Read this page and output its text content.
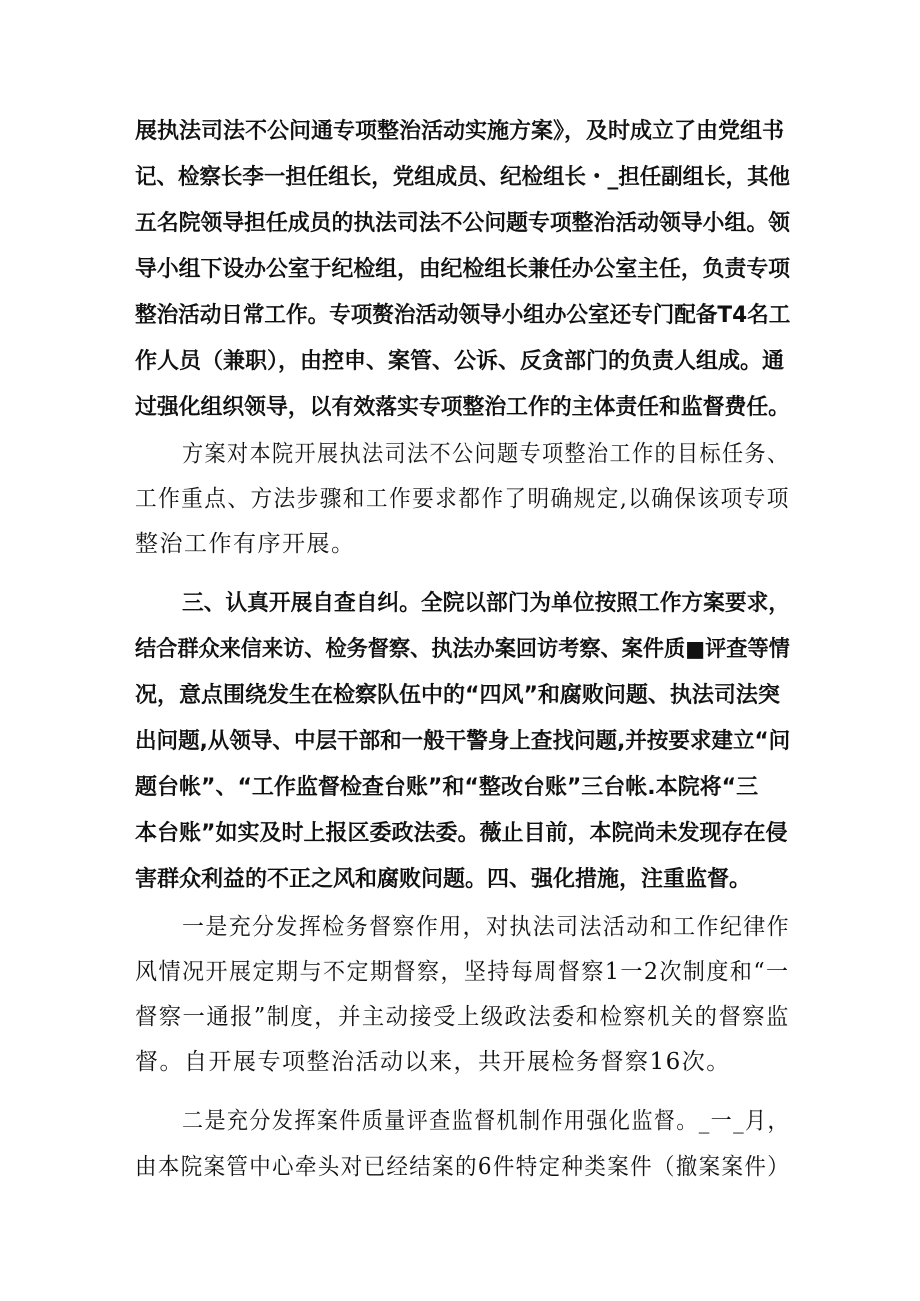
展执法司法不公问通专项整治活动实施方案》，及时成立了由党组书
记、检察长李一担任组长，党组成员、纪检组长・_担任副组长，其他
五名院领导担任成员的执法司法不公问题专项整治活动领导小组。领
导小组下设办公室于纪检组，由纪检组长兼任办公室主任，负责专项
整治活动日常工作。专项赘治活动领导小组办公室还专门配备T4名工
作人员（兼职），由控申、案管、公诉、反贪部门的负责人组成。通
过强化组织领导，以有效落实专项整治工作的主体责任和监督费任。
方案对本院开展执法司法不公问题专项整治工作的目标任务、
工作重点、方法步骤和工作要求都作了明确规定,以确保该项专项
整治工作有序开展。
三、认真开展自查自纠。全院以部门为单位按照工作方案要求，
结合群众来信来访、检务督察、执法办案回访考察、案件质■评查等情
况，意点围绕发生在检察队伍中的“四风”和腐败问题、执法司法突
出问题,从领导、中层干部和一般干警身上查找问题,并按要求建立“问
题台帐”、“工作监督检查台账”和“整改台账”三台帐.本院将“三
本台账”如实及时上报区委政法委。薇止目前，本院尚未发现存在侵
害群众利益的不正之风和腐败问题。四、强化措施，注重监督。
一是充分发挥检务督察作用，对执法司法活动和工作纪律作
风情况开展定期与不定期督察，坚持每周督察1一2次制度和“一
督察一通报”制度，并主动接受上级政法委和检察机关的督察监
督。自开展专项整治活动以来，共开展检务督察16次。
二是充分发挥案件质量评查监督机制作用强化监督。_一_月，
由本院案管中心牵头对已经结案的6件特定种类案件（撤案案件）
